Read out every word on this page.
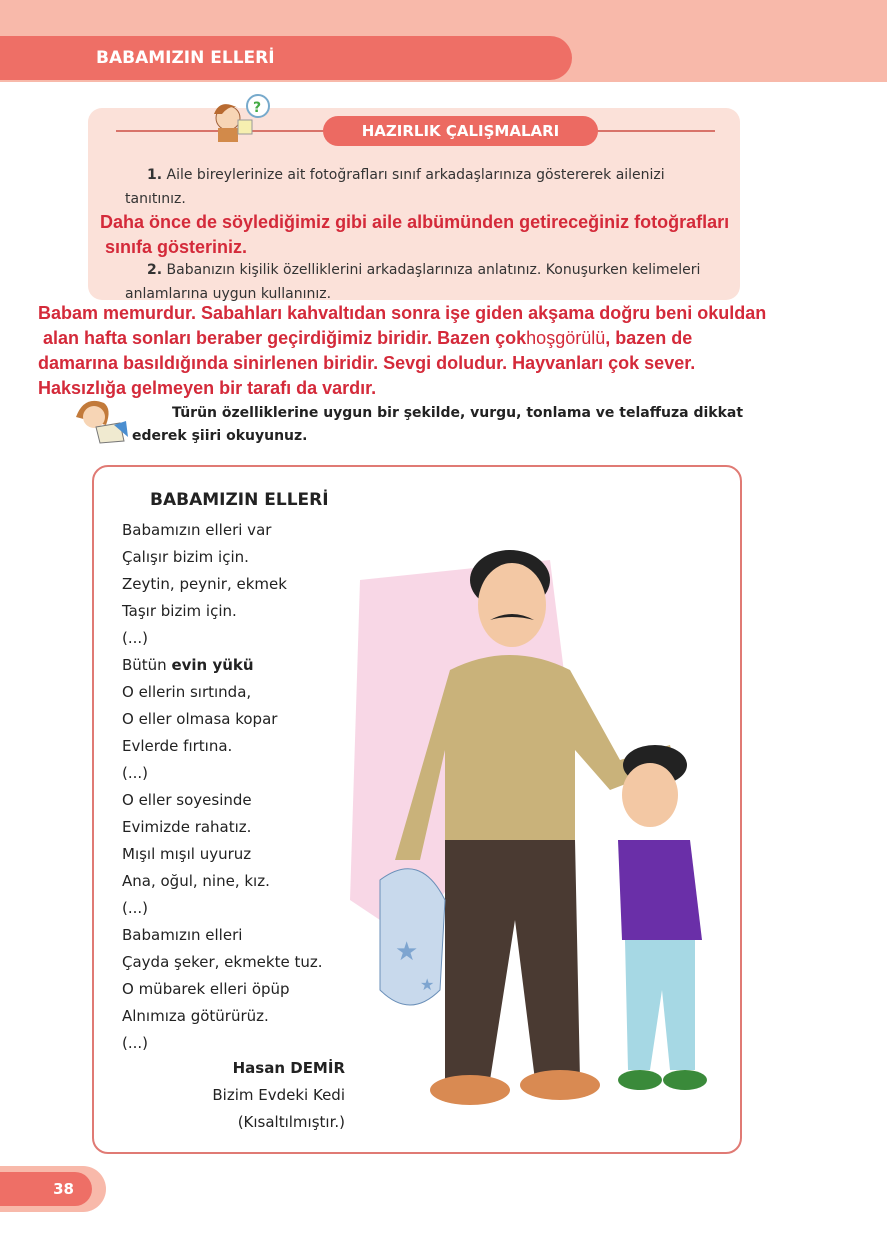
BABAMIZIN ELLERİ
HAZIRLIK ÇALIŞMALARI
?
1. Aile bireylerinize ait fotoğrafları sınıf arkadaşlarınıza göstererek ailenizi tanıtınız.
Daha önce de söylediğimiz gibi aile albümünden getireceğiniz fotoğrafları
sınıfa gösteriniz.
2. Babanızın kişilik özelliklerini arkadaşlarınıza anlatınız. Konuşurken kelimeleri anlamlarına uygun kullanınız.
Babam memurdur. Sabahları kahvaltıdan sonra işe giden akşama doğru beni okuldan
alan hafta sonları beraber geçirdiğimiz biridir. Bazen çokhoşgörülü, bazen de
damarına basıldığında sinirlenen biridir. Sevgi doludur. Hayvanları çok sever.
Haksızlığa gelmeyen bir tarafı da vardır.
Türün özelliklerine uygun bir şekilde, vurgu, tonlama ve telaffuza dikkat ederek şiiri okuyunuz.
BABAMIZIN ELLERİ
Babamızın elleri var
Çalışır bizim için.
Zeytin, peynir, ekmek
Taşır bizim için.
(...)
Bütün evin yükü
O ellerin sırtında,
O eller olmasa kopar
Evlerde fırtına.
(...)
O eller soyesinde
Evimizde rahatız.
Mışıl mışıl uyuruz
Ana, oğul, nine, kız.
(...)
Babamızın elleri
Çayda şeker, ekmekte tuz.
O mübarek elleri öpüp
Alnımıza götürürüz.
(...)
Hasan DEMİR
Bizim Evdeki Kedi
(Kısaltılmıştır.)
★
★
38
